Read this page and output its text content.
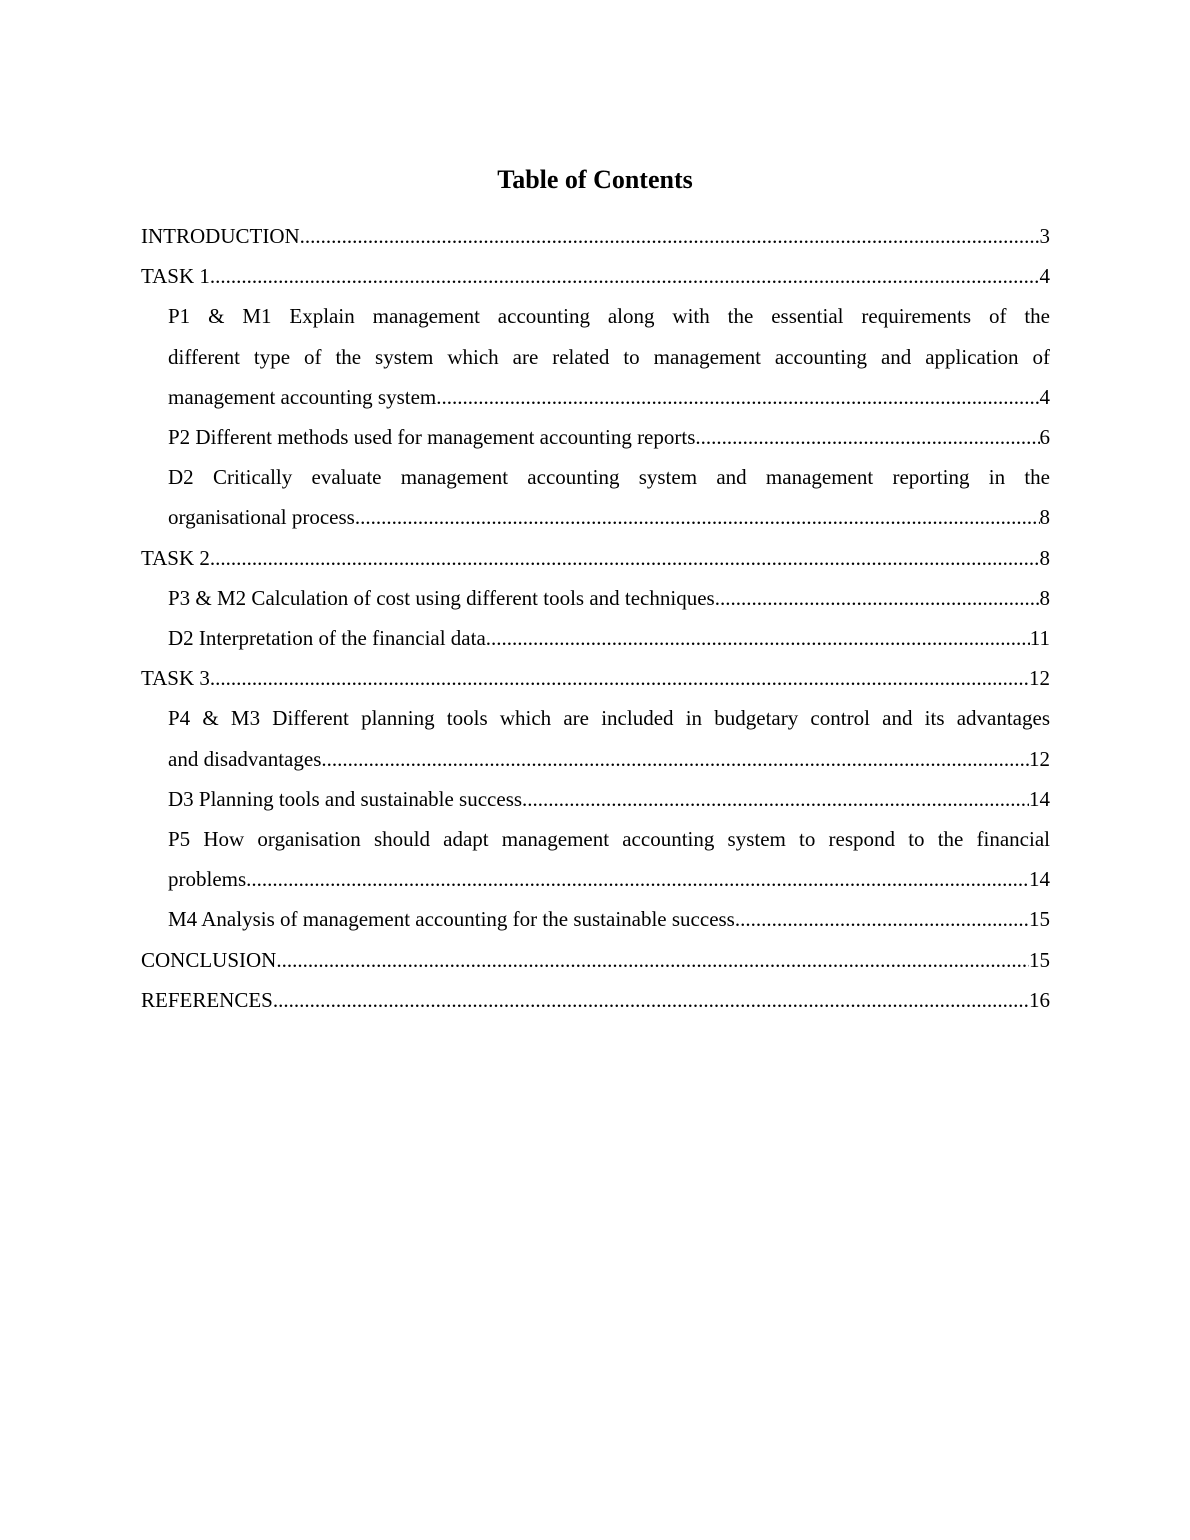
Table of Contents
INTRODUCTION .....	3
TASK 1 .....	4
P1 & M1 Explain management accounting along with the essential requirements of the
different type of the system which are related to management accounting and application of
management accounting system .....	4
P2 Different methods used for management accounting reports .....	6
D2 Critically evaluate management accounting system and management reporting in the
organisational process .....	8
TASK 2 .....	8
P3 & M2 Calculation of cost using different tools and techniques .....	8
D2 Interpretation of the financial data .....	11
TASK 3 .....	12
P4 & M3 Different planning tools which are included in budgetary control and its advantages
and disadvantages .....	12
D3 Planning tools and sustainable success .....	14
P5 How organisation should adapt management accounting system to respond to the financial
problems .....	14
M4 Analysis of management accounting for the sustainable success .....	15
CONCLUSION .....	15
REFERENCES .....	16
